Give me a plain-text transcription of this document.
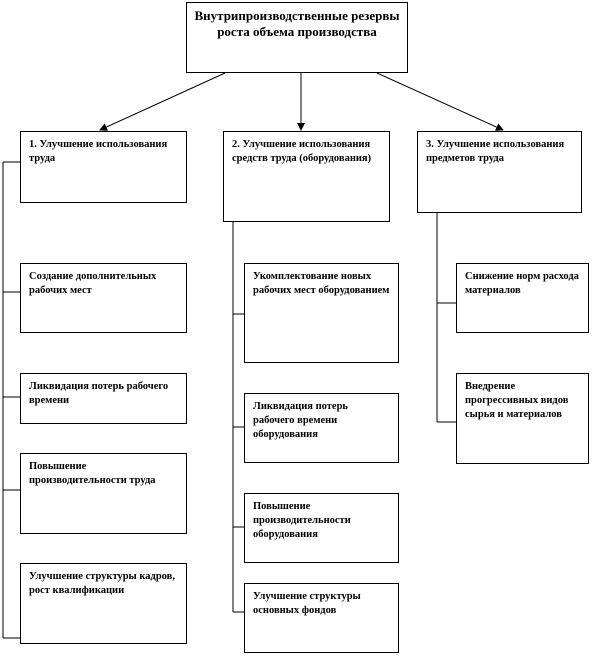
Внутрипроизводственные резервы роста объема производства
1. Улучшение использования труда
Создание дополнительных рабочих мест
Ликвидация потерь рабочего времени
Повышение производительности труда
Улучшение структуры кадров, рост квалификации
2. Улучшение использования средств труда (оборудования)
Укомплектование новых рабочих мест оборудованием
Ликвидация потерь рабочего времени оборудования
Повышение производительности оборудования
Улучшение структуры основных фондов
3. Улучшение использования предметов труда
Снижение норм расхода материалов
Внедрение прогрессивных видов сырья и материалов
